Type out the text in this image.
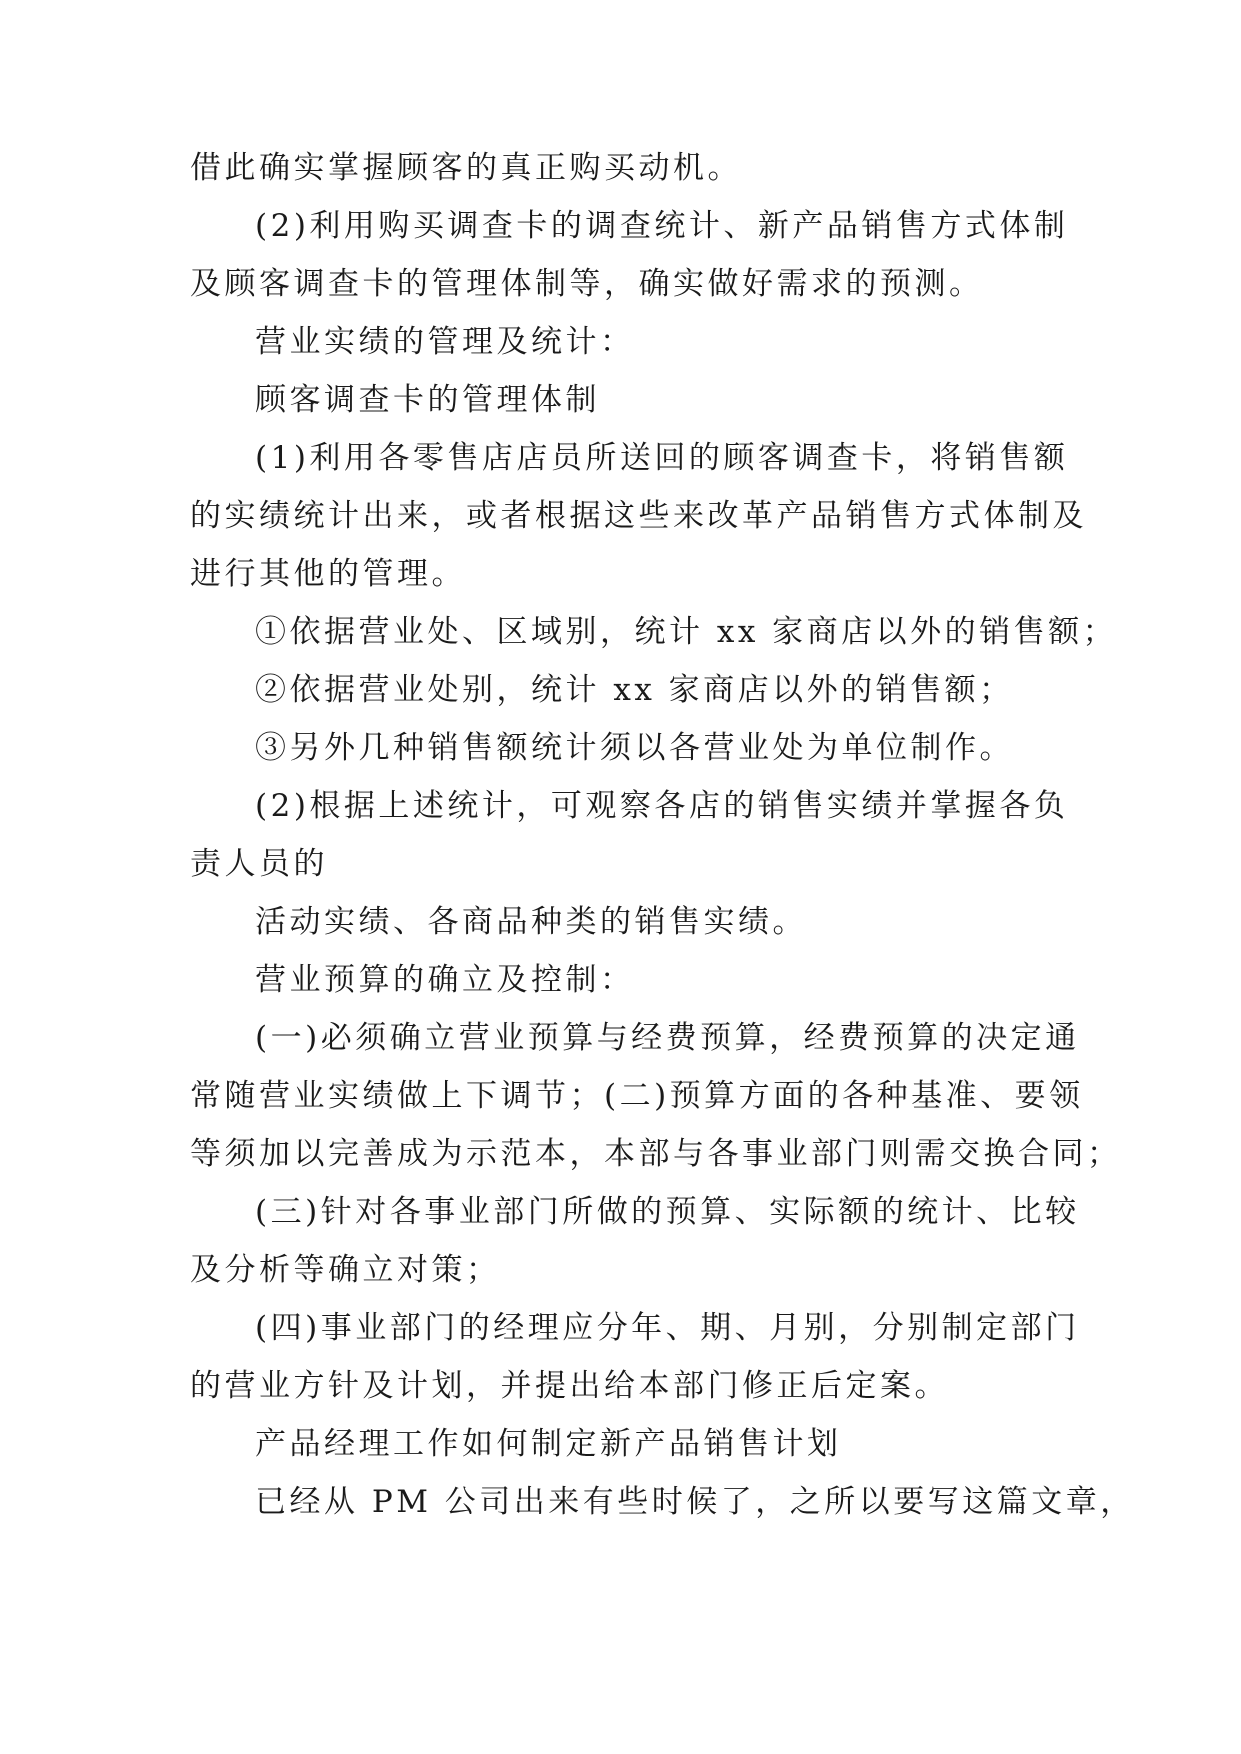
借此确实掌握顾客的真正购买动机。

(2)利用购买调查卡的调查统计、新产品销售方式体制

及顾客调查卡的管理体制等，确实做好需求的预测。

营业实绩的管理及统计：

顾客调查卡的管理体制

(1)利用各零售店店员所送回的顾客调查卡，将销售额

的实绩统计出来，或者根据这些来改革产品销售方式体制及

进行其他的管理。

①依据营业处、区域别，统计 xx 家商店以外的销售额；

②依据营业处别，统计 xx 家商店以外的销售额；

③另外几种销售额统计须以各营业处为单位制作。

(2)根据上述统计，可观察各店的销售实绩并掌握各负

责人员的

活动实绩、各商品种类的销售实绩。

营业预算的确立及控制：

(一)必须确立营业预算与经费预算，经费预算的决定通

常随营业实绩做上下调节；(二)预算方面的各种基准、要领

等须加以完善成为示范本，本部与各事业部门则需交换合同；

(三)针对各事业部门所做的预算、实际额的统计、比较

及分析等确立对策；

(四)事业部门的经理应分年、期、月别，分别制定部门

的营业方针及计划，并提出给本部门修正后定案。

产品经理工作如何制定新产品销售计划

已经从 PM 公司出来有些时候了，之所以要写这篇文章，
